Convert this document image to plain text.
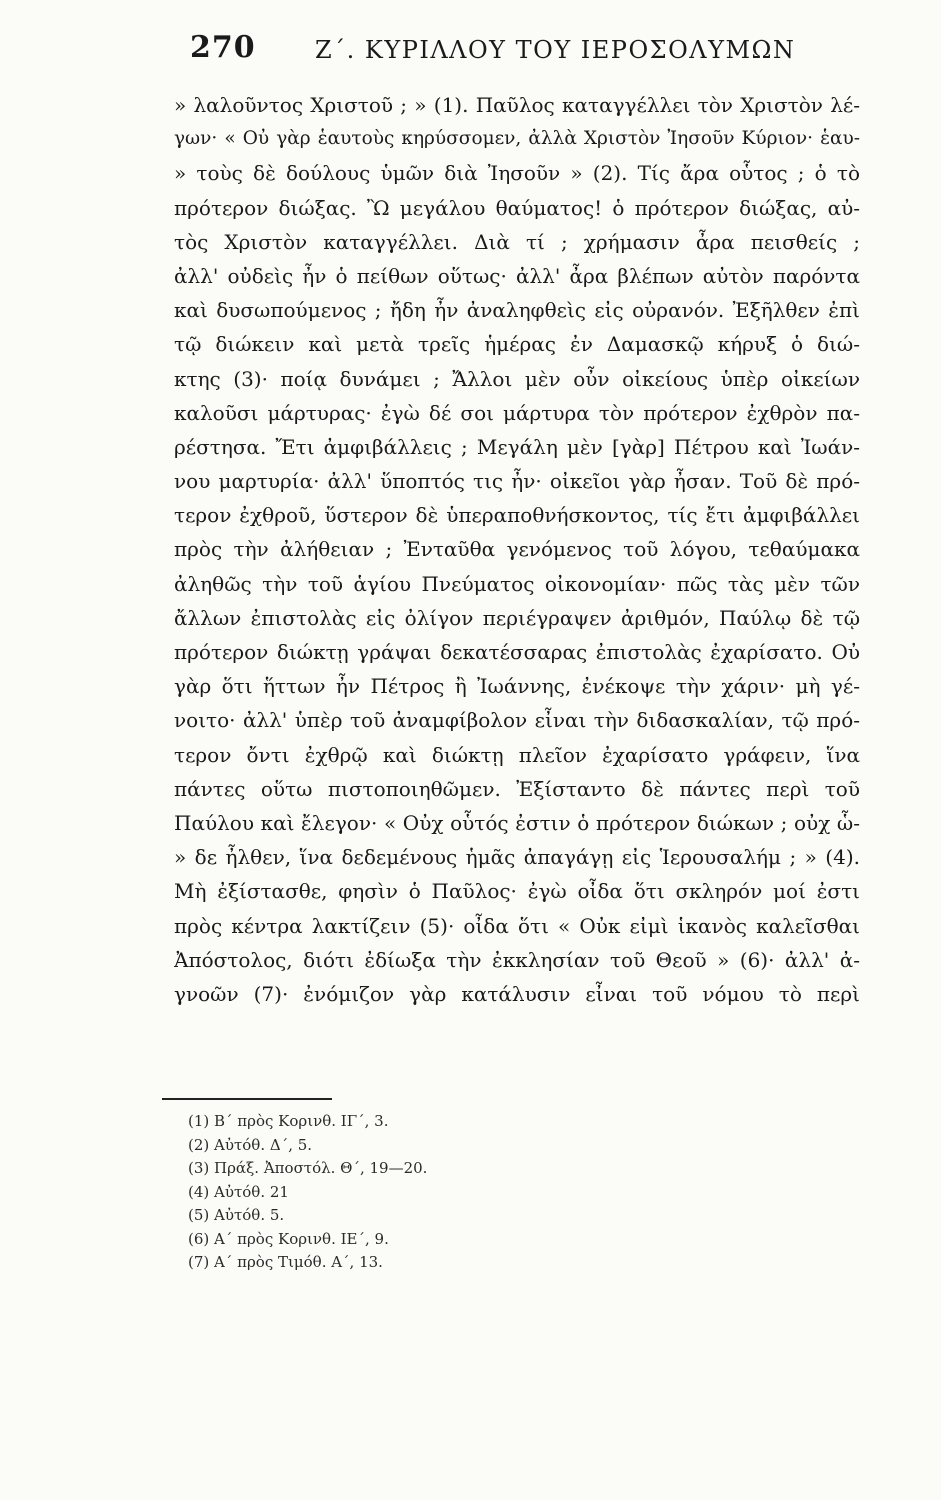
270 Ζ΄. ΚΥΡΙΛΛΟΥ ΤΟΥ ΙΕΡΟΣΟΛΥΜΩΝ
» λαλοῦντος Χριστοῦ ; » (1). Παῦλος καταγγέλλει τὸν Χριστὸν λέ-
γων· « Οὐ γὰρ ἑαυτοὺς κηρύσσομεν, ἀλλὰ Χριστὸν Ἰησοῦν Κύριον· ἑαυ-
» τοὺς δὲ δούλους ὑμῶν διὰ Ἰησοῦν » (2). Τίς ἄρα οὗτος ; ὁ τὸ
πρότερον διώξας. Ὢ μεγάλου θαύματος! ὁ πρότερον διώξας, αὐ-
τὸς Χριστὸν καταγγέλλει. Διὰ τί ; χρήμασιν ἆρα πεισθείς ;
ἀλλ' οὐδεὶς ἦν ὁ πείθων οὕτως· ἀλλ' ἆρα βλέπων αὐτὸν παρόντα
καὶ δυσωπούμενος ; ἤδη ἦν ἀναληφθεὶς εἰς οὐρανόν. Ἐξῆλθεν ἐπὶ
τῷ διώκειν καὶ μετὰ τρεῖς ἡμέρας ἐν Δαμασκῷ κήρυξ ὁ διώ-
κτης (3)· ποίᾳ δυνάμει ; Ἄλλοι μὲν οὖν οἰκείους ὑπὲρ οἰκείων
καλοῦσι μάρτυρας· ἐγὼ δέ σοι μάρτυρα τὸν πρότερον ἐχθρὸν πα-
ρέστησα. Ἔτι ἀμφιβάλλεις ; Μεγάλη μὲν [γὰρ] Πέτρου καὶ Ἰωάν-
νου μαρτυρία· ἀλλ' ὕποπτός τις ἦν· οἰκεῖοι γὰρ ἦσαν. Τοῦ δὲ πρό-
τερον ἐχθροῦ, ὕστερον δὲ ὑπεραποθνήσκοντος, τίς ἔτι ἀμφιβάλλει
πρὸς τὴν ἀλήθειαν ; Ἐνταῦθα γενόμενος τοῦ λόγου, τεθαύμακα
ἀληθῶς τὴν τοῦ ἁγίου Πνεύματος οἰκονομίαν· πῶς τὰς μὲν τῶν
ἄλλων ἐπιστολὰς εἰς ὀλίγον περιέγραψεν ἀριθμόν, Παύλῳ δὲ τῷ
πρότερον διώκτῃ γράψαι δεκατέσσαρας ἐπιστολὰς ἐχαρίσατο. Οὐ
γὰρ ὅτι ἥττων ἦν Πέτρος ἢ Ἰωάννης, ἐνέκοψε τὴν χάριν· μὴ γέ-
νοιτο· ἀλλ' ὑπὲρ τοῦ ἀναμφίβολον εἶναι τὴν διδασκαλίαν, τῷ πρό-
τερον ὄντι ἐχθρῷ καὶ διώκτῃ πλεῖον ἐχαρίσατο γράφειν, ἵνα
πάντες οὕτω πιστοποιηθῶμεν. Ἐξίσταντο δὲ πάντες περὶ τοῦ
Παύλου καὶ ἔλεγον· « Οὐχ οὗτός ἐστιν ὁ πρότερον διώκων ; οὐχ ὧ-
» δε ἦλθεν, ἵνα δεδεμένους ἡμᾶς ἀπαγάγῃ εἰς Ἱερουσαλήμ ; » (4).
Μὴ ἐξίστασθε, φησὶν ὁ Παῦλος· ἐγὼ οἶδα ὅτι σκληρόν μοί ἐστι
πρὸς κέντρα λακτίζειν (5)· οἶδα ὅτι « Οὐκ εἰμὶ ἱκανὸς καλεῖσθαι
Ἀπόστολος, διότι ἐδίωξα τὴν ἐκκλησίαν τοῦ Θεοῦ » (6)· ἀλλ' ἀ-
γνοῶν (7)· ἐνόμιζον γὰρ κατάλυσιν εἶναι τοῦ νόμου τὸ περὶ
(1) Β΄ πρὸς Κορινθ. ΙΓ΄, 3.
(2) Αὐτόθ. Δ΄, 5.
(3) Πράξ. Ἀποστόλ. Θ΄, 19—20.
(4) Αὐτόθ. 21
(5) Αὐτόθ. 5.
(6) Α΄ πρὸς Κορινθ. ΙΕ΄, 9.
(7) Α΄ πρὸς Τιμόθ. Α΄, 13.
